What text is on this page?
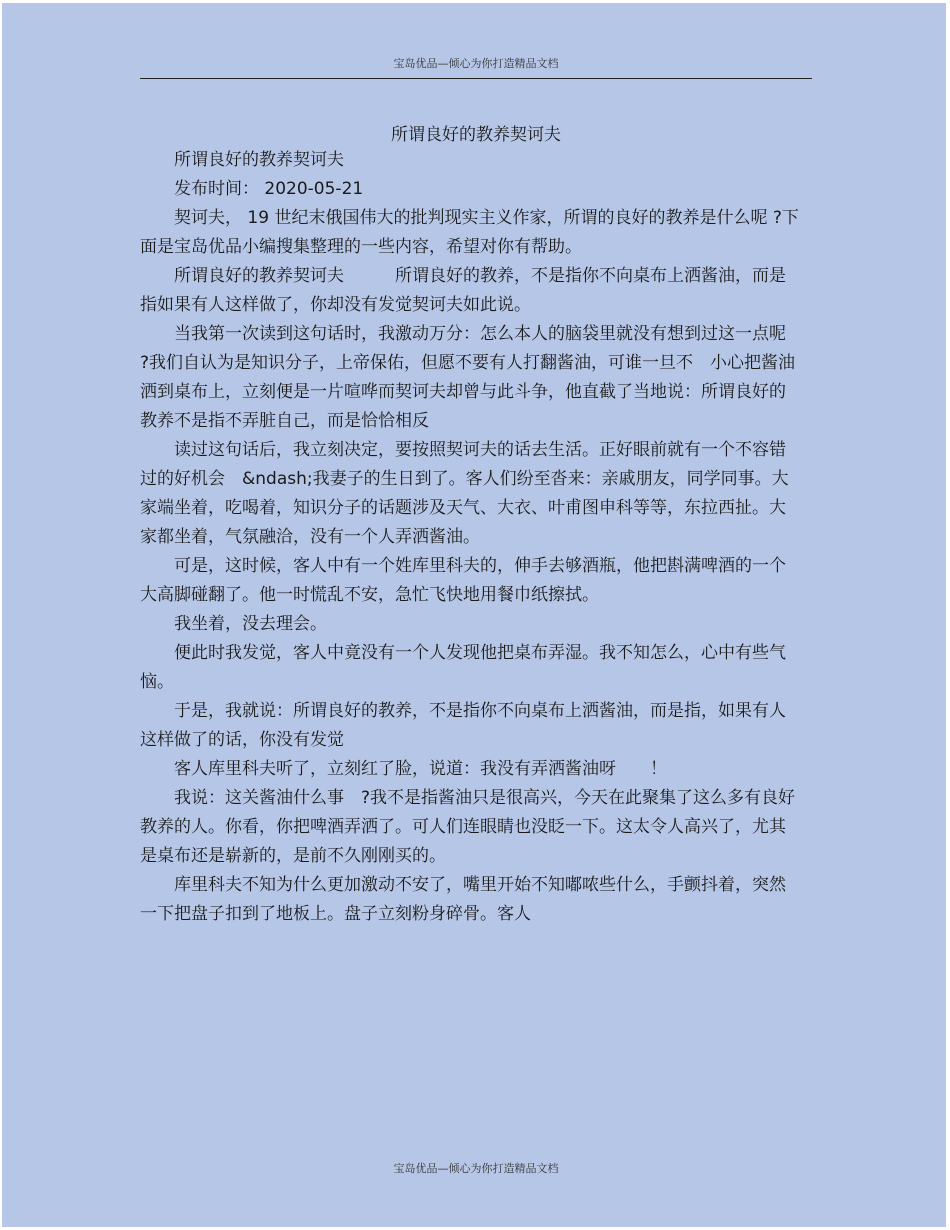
宝岛优品—倾心为你打造精品文档
所谓良好的教养契诃夫

所谓良好的教养契诃夫

发布时间： 2020-05-21

契诃夫， 19 世纪末俄国伟大的批判现实主义作家，所谓的良好的教养是什么呢 ?下面是宝岛优品小编搜集整理的一些内容，希望对你有帮助。

所谓良好的教养契诃夫　　　所谓良好的教养，不是指你不向桌布上洒酱油，而是指如果有人这样做了，你却没有发觉契诃夫如此说。

当我第一次读到这句话时，我激动万分：怎么本人的脑袋里就没有想到过这一点呢 ?我们自认为是知识分子，上帝保佑，但愿不要有人打翻酱油，可谁一旦不　小心把酱油洒到桌布上，立刻便是一片喧哗而契诃夫却曾与此斗争，他直截了当地说：所谓良好的教养不是指不弄脏自己，而是恰恰相反

读过这句话后，我立刻决定，要按照契诃夫的话去生活。正好眼前就有一个不容错过的好机会　&ndash;我妻子的生日到了。客人们纷至沓来：亲戚朋友，同学同事。大家端坐着，吃喝着，知识分子的话题涉及天气、大衣、叶甫图申科等等，东拉西扯。大家都坐着，气氛融洽，没有一个人弄洒酱油。

可是，这时候，客人中有一个姓库里科夫的，伸手去够酒瓶，他把斟满啤酒的一个大高脚碰翻了。他一时慌乱不安，急忙飞快地用餐巾纸擦拭。

我坐着，没去理会。

便此时我发觉，客人中竟没有一个人发现他把桌布弄湿。我不知怎么，心中有些气恼。

于是，我就说：所谓良好的教养，不是指你不向桌布上洒酱油，而是指，如果有人这样做了的话，你没有发觉

客人库里科夫听了，立刻红了脸，说道：我没有弄洒酱油呀　　！

我说：这关酱油什么事　?我不是指酱油只是很高兴，今天在此聚集了这么多有良好教养的人。你看，你把啤酒弄洒了。可人们连眼睛也没眨一下。这太令人高兴了，尤其是桌布还是崭新的，是前不久刚刚买的。

库里科夫不知为什么更加激动不安了，嘴里开始不知嘟哝些什么，手颤抖着，突然一下把盘子扣到了地板上。盘子立刻粉身碎骨。客人

宝岛优品—倾心为你打造精品文档
